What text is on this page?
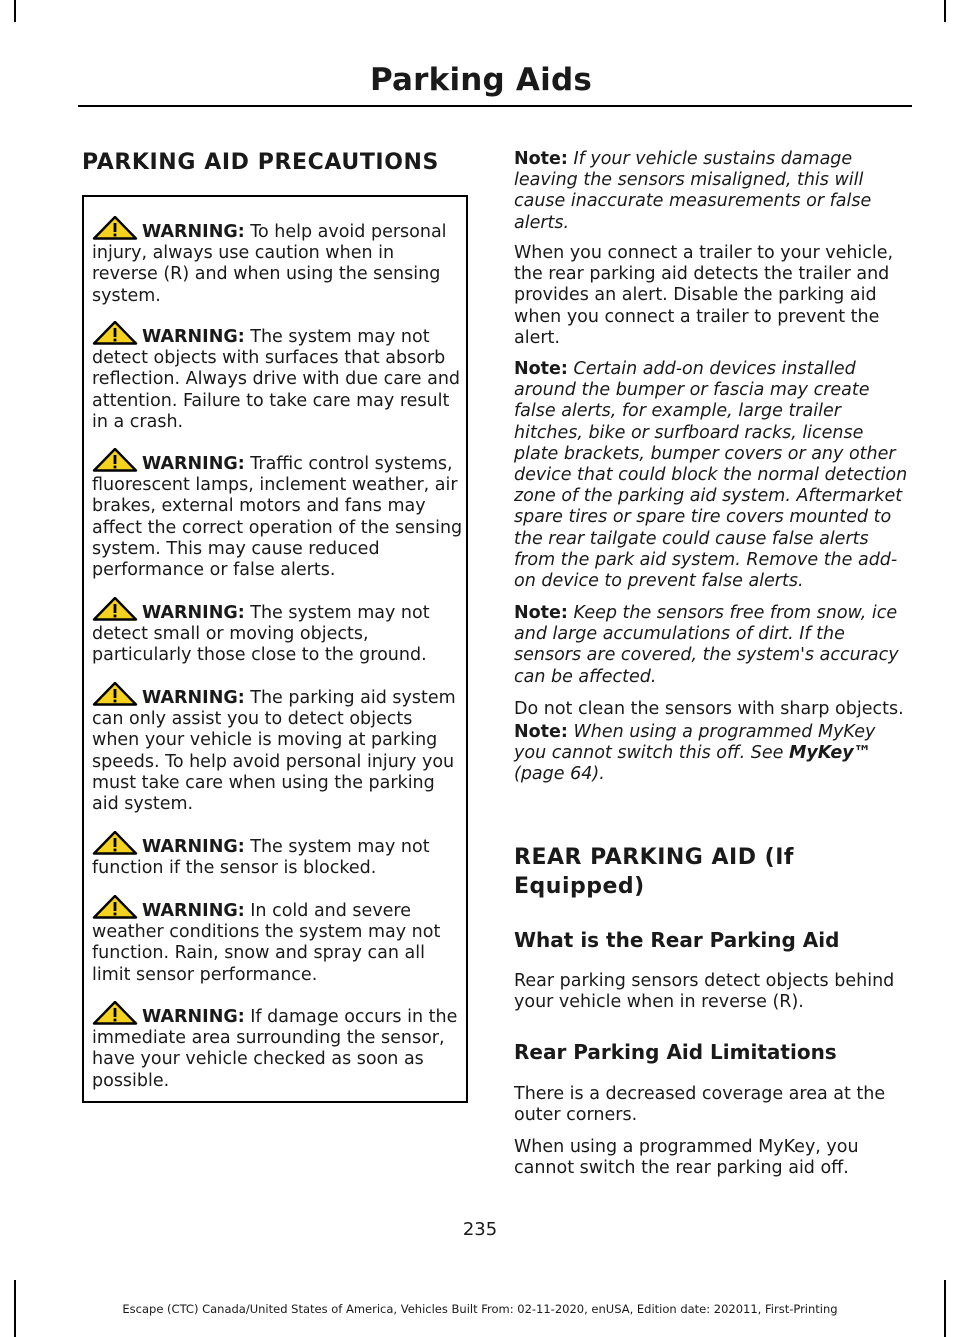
Parking Aids
PARKING AID PRECAUTIONS

WARNING: To help avoid personal injury, always use caution when in reverse (R) and when using the sensing system.

WARNING: The system may not detect objects with surfaces that absorb reflection. Always drive with due care and attention. Failure to take care may result in a crash.

WARNING: Traffic control systems, fluorescent lamps, inclement weather, air brakes, external motors and fans may affect the correct operation of the sensing system. This may cause reduced performance or false alerts.

WARNING: The system may not detect small or moving objects, particularly those close to the ground.

WARNING: The parking aid system can only assist you to detect objects when your vehicle is moving at parking speeds. To help avoid personal injury you must take care when using the parking aid system.

WARNING: The system may not function if the sensor is blocked.

WARNING: In cold and severe weather conditions the system may not function. Rain, snow and spray can all limit sensor performance.

WARNING: If damage occurs in the immediate area surrounding the sensor, have your vehicle checked as soon as possible.

Note: If your vehicle sustains damage leaving the sensors misaligned, this will cause inaccurate measurements or false alerts.

When you connect a trailer to your vehicle, the rear parking aid detects the trailer and provides an alert. Disable the parking aid when you connect a trailer to prevent the alert.

Note: Certain add-on devices installed around the bumper or fascia may create false alerts, for example, large trailer hitches, bike or surfboard racks, license plate brackets, bumper covers or any other device that could block the normal detection zone of the parking aid system. Aftermarket spare tires or spare tire covers mounted to the rear tailgate could cause false alerts from the park aid system. Remove the add-on device to prevent false alerts.

Note: Keep the sensors free from snow, ice and large accumulations of dirt. If the sensors are covered, the system's accuracy can be affected.

Do not clean the sensors with sharp objects.

Note: When using a programmed MyKey you cannot switch this off. See MyKey™ (page 64).

REAR PARKING AID (If Equipped)
What is the Rear Parking Aid

Rear parking sensors detect objects behind your vehicle when in reverse (R).

Rear Parking Aid Limitations

There is a decreased coverage area at the outer corners.

When using a programmed MyKey, you cannot switch the rear parking aid off.

235
Escape (CTC) Canada/United States of America, Vehicles Built From: 02-11-2020, enUSA, Edition date: 202011, First-Printing
